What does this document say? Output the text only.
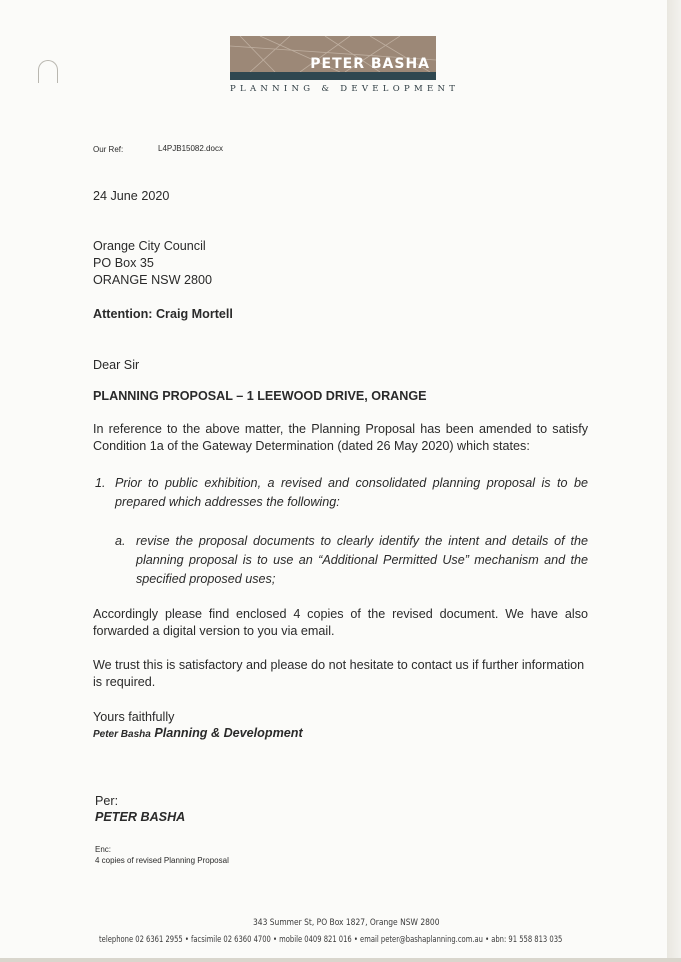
PETER BASHA
PLANNING & DEVELOPMENT
Our Ref:	L4PJB15082.docx
24 June 2020
Orange City Council
PO Box 35
ORANGE NSW 2800
Attention: Craig Mortell
Dear Sir
PLANNING PROPOSAL – 1 LEEWOOD DRIVE, ORANGE
In reference to the above matter, the Planning Proposal has been amended to satisfy Condition 1a of the Gateway Determination (dated 26 May 2020) which states:
1. Prior to public exhibition, a revised and consolidated planning proposal is to be prepared which addresses the following:
a. revise the proposal documents to clearly identify the intent and details of the planning proposal is to use an “Additional Permitted Use” mechanism and the specified proposed uses;
Accordingly please find enclosed 4 copies of the revised document. We have also forwarded a digital version to you via email.
We trust this is satisfactory and please do not hesitate to contact us if further information is required.
Yours faithfully
Peter Basha Planning & Development
Per:
PETER BASHA
Enc:
4 copies of revised Planning Proposal
343 Summer St, PO Box 1827, Orange NSW 2800
telephone 02 6361 2955 • facsimile 02 6360 4700 • mobile 0409 821 016 • email peter@bashaplanning.com.au • abn: 91 558 813 035
